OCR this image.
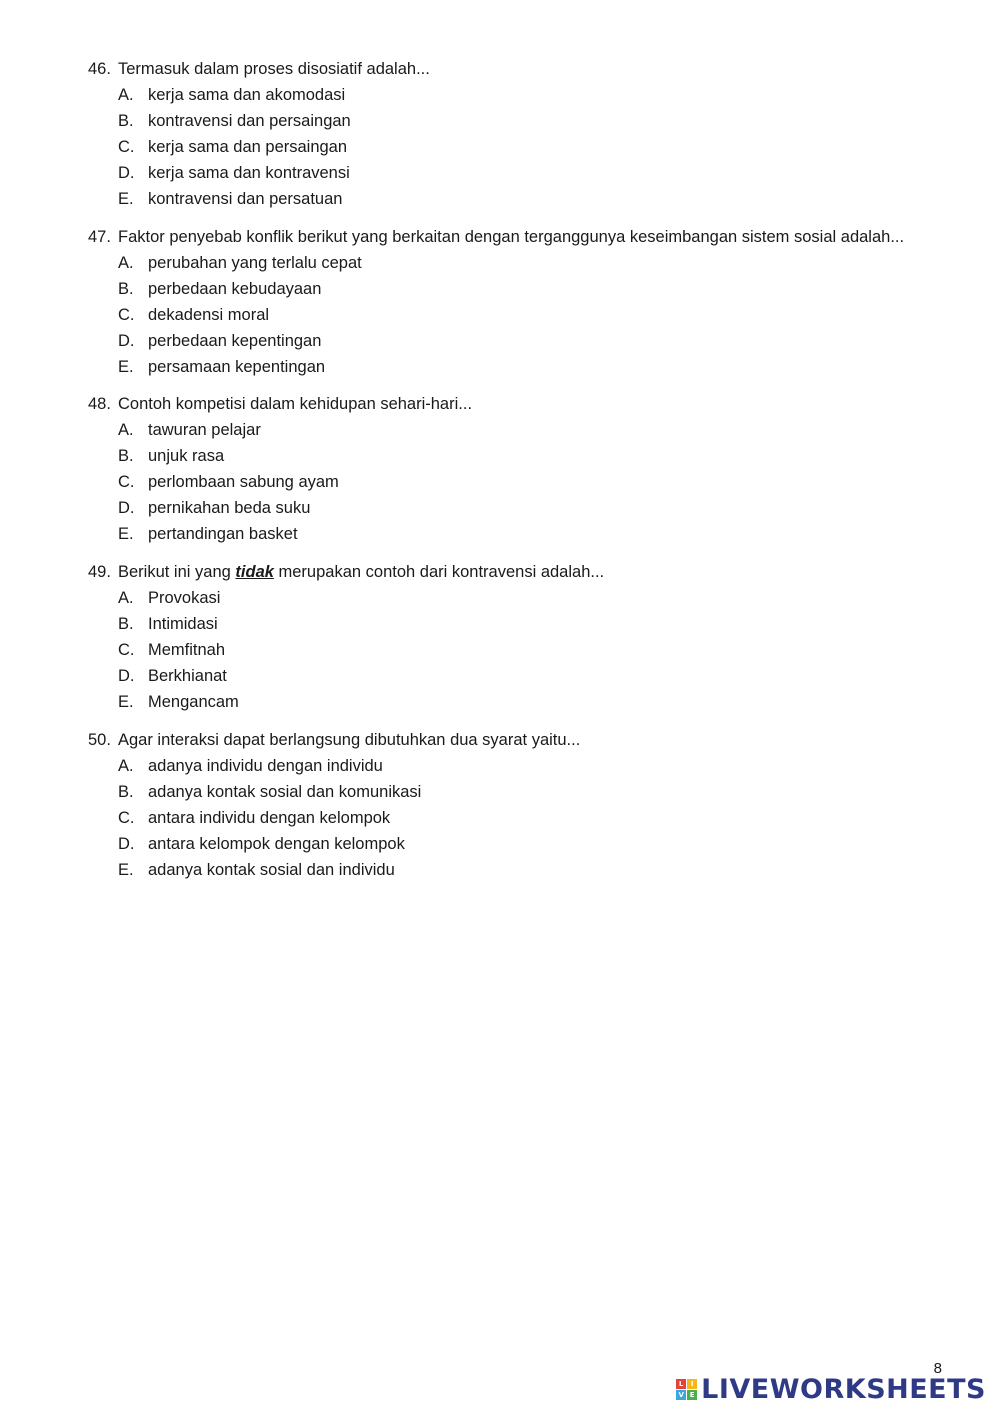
46. Termasuk dalam proses disosiatif adalah...
A. kerja sama dan akomodasi
B. kontravensi dan persaingan
C. kerja sama dan persaingan
D. kerja sama dan kontravensi
E. kontravensi dan persatuan
47. Faktor penyebab konflik berikut yang berkaitan dengan terganggunya keseimbangan sistem sosial adalah...
A. perubahan yang terlalu cepat
B. perbedaan kebudayaan
C. dekadensi moral
D. perbedaan kepentingan
E. persamaan kepentingan
48. Contoh kompetisi dalam kehidupan sehari-hari...
A. tawuran pelajar
B. unjuk rasa
C. perlombaan sabung ayam
D. pernikahan beda suku
E. pertandingan basket
49. Berikut ini yang tidak merupakan contoh dari kontravensi adalah...
A. Provokasi
B. Intimidasi
C. Memfitnah
D. Berkhianat
E. Mengancam
50. Agar interaksi dapat berlangsung dibutuhkan dua syarat yaitu...
A. adanya individu dengan individu
B. adanya kontak sosial dan komunikasi
C. antara individu dengan kelompok
D. antara kelompok dengan kelompok
E. adanya kontak sosial dan individu
8
L	I
V E LIVEWORKSHEETS
